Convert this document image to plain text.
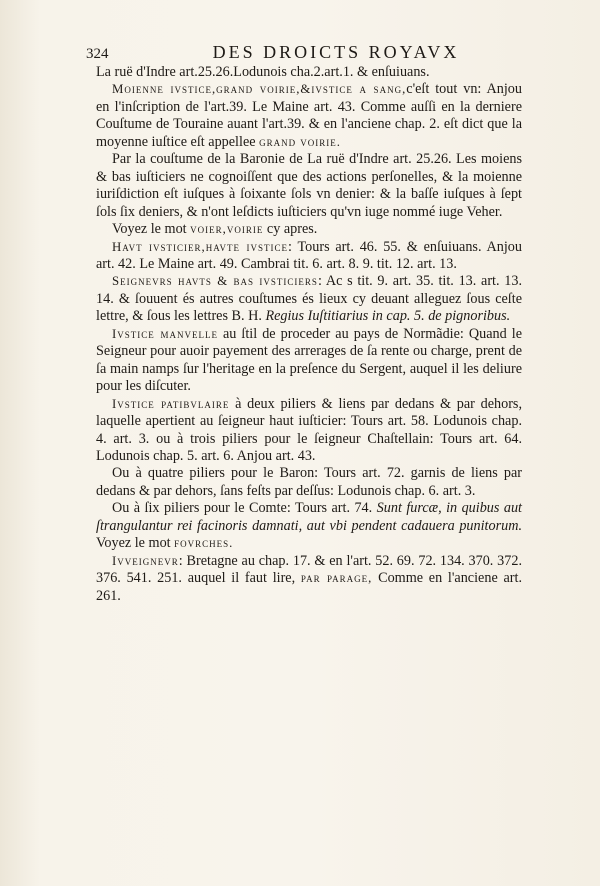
324	DES DROICTS ROYAVX

La ruë d'Indre art.25.26.Lodunois cha.2.art.1. & enſuiuans.

Moienne ivstice,grand voirie,&ivstice a sang,c'eſt tout vn: Anjou en l'inſcription de l'art.39. Le Maine art. 43. Comme auſſi en la derniere Couſtume de Touraine auant l'art.39. & en l'anciene chap. 2. eſt dict que la moyenne iuſtice eſt appellee grand voirie.

Par la couſtume de la Baronie de La ruë d'Indre art. 25.26. Les moiens & bas iuſticiers ne cognoiſſent que des actions perſonelles, & la moienne iuriſdiction eſt iuſques à ſoixante ſols vn denier: & la baſſe iuſques à ſept ſols ſix deniers, & n'ont leſdicts iuſticiers qu'vn iuge nommé iuge Veher.

Voyez le mot voier,voirie cy apres.

Havt ivsticier,havte ivstice: Tours art. 46. 55. & enſuiuans. Anjou art. 42. Le Maine art. 49. Cambrai tit. 6. art. 8. 9. tit. 12. art. 13.

Seignevrs havts & bas ivsticiers: Ac s tit. 9. art. 35. tit. 13. art. 13. 14. & ſouuent és autres couſtumes és lieux cy deuant alleguez ſous ceſte lettre, & ſous les lettres B. H. Regius Iuſtitiarius in cap. 5. de pignoribus.

Ivstice manvelle au ſtil de proceder au pays de Normãdie: Quand le Seigneur pour auoir payement des arrerages de ſa rente ou charge, prent de ſa main namps ſur l'heritage en la preſence du Sergent, auquel il les deliure pour les diſcuter.

Ivstice patibvlaire à deux piliers & liens par dedans & par dehors, laquelle apertient au ſeigneur haut iuſticier: Tours art. 58. Lodunois chap. 4. art. 3. ou à trois piliers pour le ſeigneur Chaſtellain: Tours art. 64. Lodunois chap. 5. art. 6. Anjou art. 43.

Ou à quatre piliers pour le Baron: Tours art. 72. garnis de liens par dedans & par dehors, ſans feſts par deſſus: Lodunois chap. 6. art. 3.

Ou à ſix piliers pour le Comte: Tours art. 74. Sunt furcæ, in quibus aut ſtrangulantur rei facinoris damnati, aut vbi pendent cadauera punitorum. Voyez le mot fovrches.

Ivveignevr: Bretagne au chap. 17. & en l'art. 52. 69. 72. 134. 370. 372. 376. 541. 251. auquel il faut lire, par parage, Comme en l'anciene art. 261.
